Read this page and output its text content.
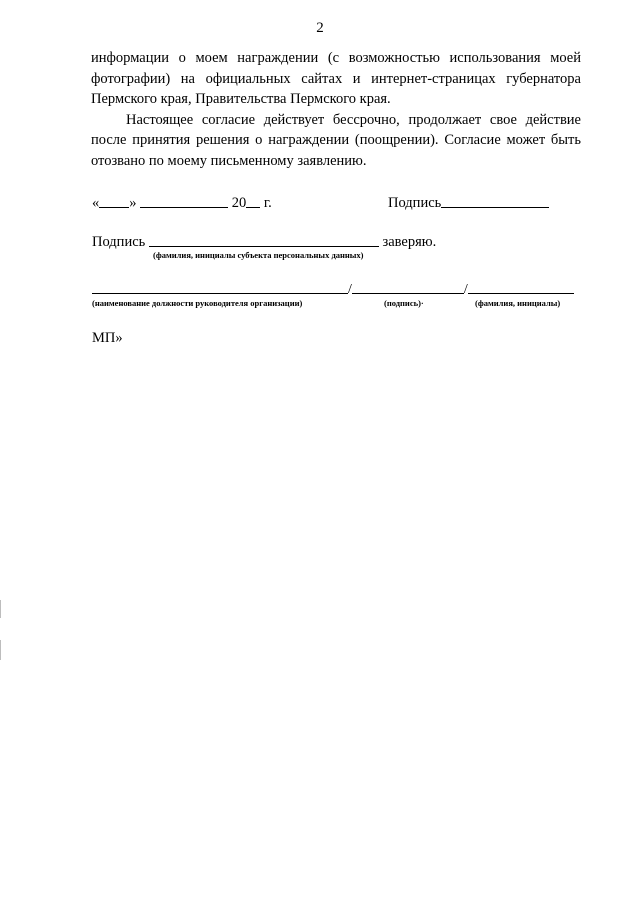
2

информации о моем награждении (с возможностью использования моей фотографии) на официальных сайтах и интернет-страницах губернатора Пермского края, Правительства Пермского края.

Настоящее согласие действует бессрочно, продолжает свое действие после принятия решения о награждении (поощрении). Согласие может быть отозвано по моему письменному заявлению.

« »	20 г.	Подпись
Подпись	заверяю.
(фамилия, инициалы субъекта персональных данных)
/	/
(наименование должности руководителя организации)	(подпись)·	(фамилия, инициалы)
МП»
